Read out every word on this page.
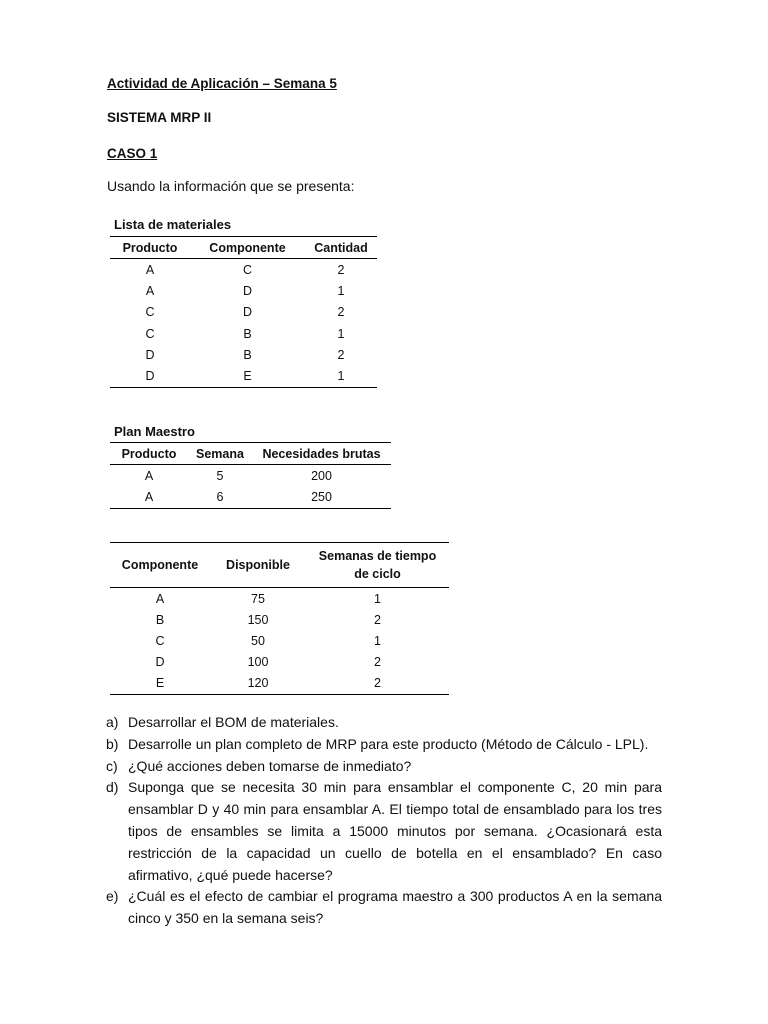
Actividad de Aplicación – Semana 5
SISTEMA MRP II
CASO 1
Usando la información que se presenta:
Lista de materiales
Producto	Componente	Cantidad
A	C	2
A	D	1
C	D	2
C	B	1
D	B	2
D	E	1
Plan Maestro
Producto	Semana	Necesidades brutas
A	5	200
A	6	250
Componente	Disponible	Semanas de tiempo de ciclo
A	75	1
B	150	2
C	50	1
D	100	2
E	120	2
a) Desarrollar el BOM de materiales.
b) Desarrolle un plan completo de MRP para este producto (Método de Cálculo - LPL).
c) ¿Qué acciones deben tomarse de inmediato?
d) Suponga que se necesita 30 min para ensamblar el componente C, 20 min para ensamblar D y 40 min para ensamblar A. El tiempo total de ensamblado para los tres tipos de ensambles se limita a 15000 minutos por semana. ¿Ocasionará esta restricción de la capacidad un cuello de botella en el ensamblado? En caso afirmativo, ¿qué puede hacerse?
e) ¿Cuál es el efecto de cambiar el programa maestro a 300 productos A en la semana cinco y 350 en la semana seis?
